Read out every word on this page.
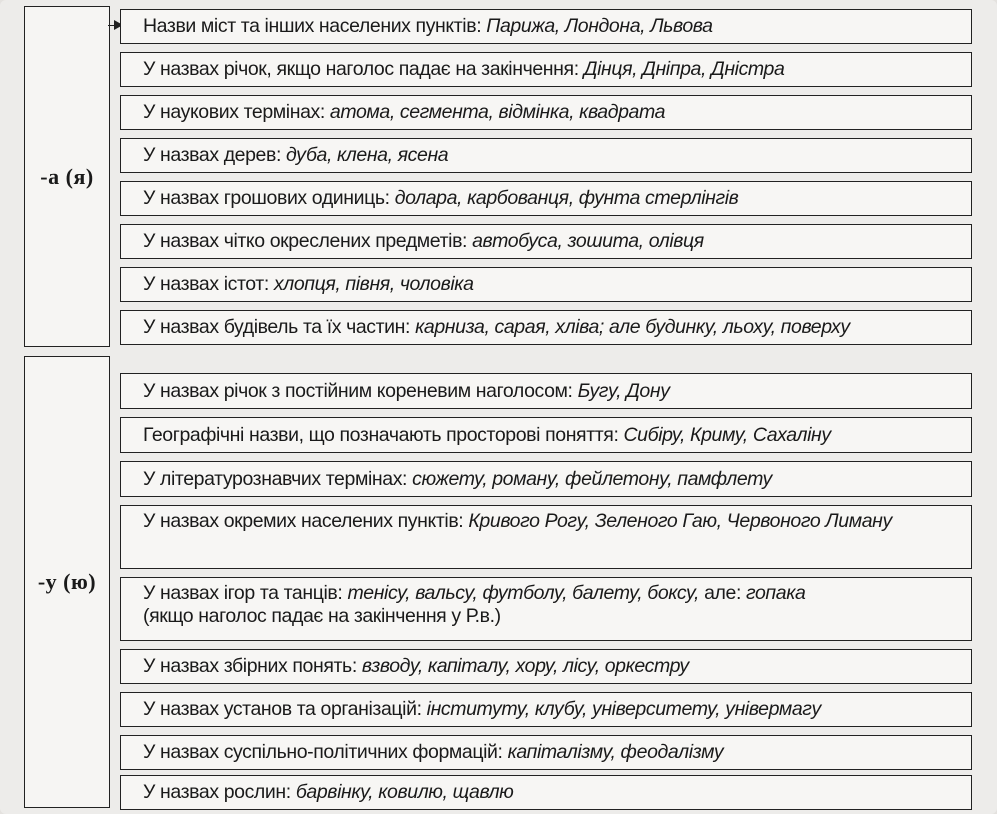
-а (я)
Назви міст та інших населених пунктів:
Парижа, Лондона, Львова
У назвах річок, якщо наголос падає на закінчення:
Дінця, Дніпра, Дністра
У наукових термінах:
атома, сегмента, відмінка, квадрата
У назвах дерев:
дуба, клена, ясена
У назвах грошових одиниць:
долара, карбованця, фунта стерлінгів
У назвах чітко окреслених предметів:
автобуса, зошита, олівця
У назвах істот:
хлопця, півня, чоловіка
У назвах будівель та їх частин:
карниза, сарая, хліва; але будинку, льоху, поверху
-у (ю)
У назвах річок з постійним кореневим наголосом:
Бугу, Дону
Географічні назви, що позначають просторові поняття:
Сибіру, Криму, Сахаліну
У літературознавчих термінах:
сюжету, роману, фейлетону, памфлету
У назвах окремих населених пунктів: Кривого Рогу, Зеленого Гаю, Червоного Лиману
У назвах ігор та танців: тенісу, вальсу, футболу, балету, боксу, але: гопака
(якщо наголос падає на закінчення у Р.в.)
У назвах збірних понять:
взводу, капіталу, хору, лісу, оркестру
У назвах установ та організацій:
інституту, клубу, університету, універмагу
У назвах суспільно-політичних формацій:
капіталізму, феодалізму
У назвах рослин:
барвінку, ковилю, щавлю
